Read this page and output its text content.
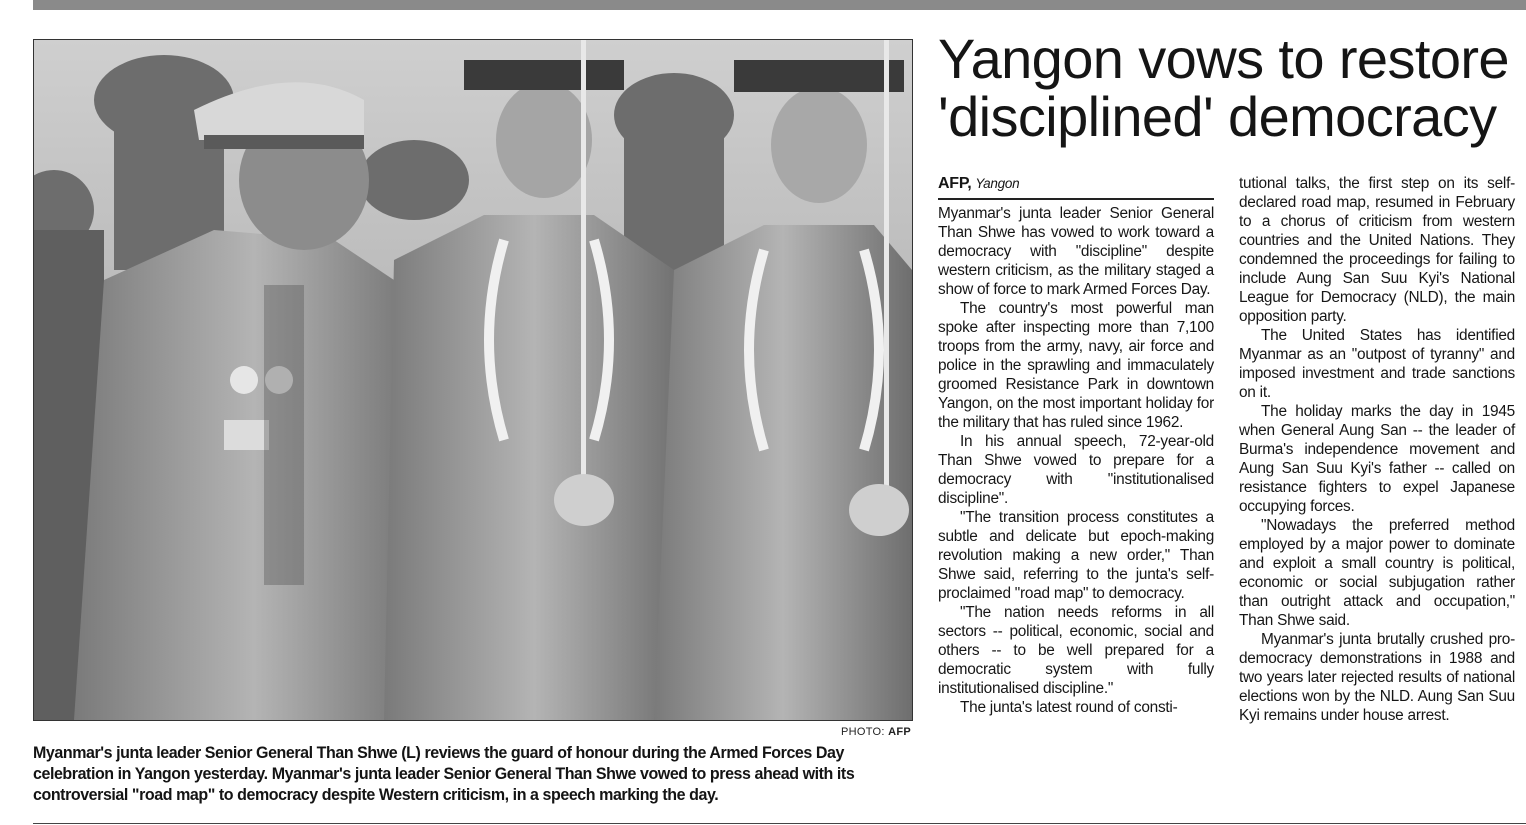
PHOTO: AFP
Myanmar's junta leader Senior General Than Shwe (L) reviews the guard of honour during the Armed Forces Day celebration in Yangon yesterday. Myanmar's junta leader Senior General Than Shwe vowed to press ahead with its controversial "road map" to democracy despite Western criticism, in a speech marking the day.
Yangon vows to restore
'disciplined' democracy
AFP, Yangon

Myanmar's junta leader Senior General Than Shwe has vowed to work toward a democracy with "discipline" despite western criticism, as the military staged a show of force to mark Armed Forces Day.

The country's most powerful man spoke after inspecting more than 7,100 troops from the army, navy, air force and police in the sprawling and immaculately groomed Resistance Park in downtown Yangon, on the most important holiday for the military that has ruled since 1962.

In his annual speech, 72-year-old Than Shwe vowed to prepare for a democracy with "institutionalised discipline".

"The transition process constitutes a subtle and delicate but epoch-making revolution making a new order," Than Shwe said, referring to the junta's self-proclaimed "road map" to democracy.

"The nation needs reforms in all sectors -- political, economic, social and others -- to be well prepared for a democratic system with fully institutionalised discipline."

The junta's latest round of consti-

tutional talks, the first step on its self-declared road map, resumed in February to a chorus of criticism from western countries and the United Nations. They condemned the proceedings for failing to include Aung San Suu Kyi's National League for Democracy (NLD), the main opposition party.

The United States has identified Myanmar as an "outpost of tyranny" and imposed investment and trade sanctions on it.

The holiday marks the day in 1945 when General Aung San -- the leader of Burma's independence movement and Aung San Suu Kyi's father -- called on resistance fighters to expel Japanese occupying forces.

"Nowadays the preferred method employed by a major power to dominate and exploit a small country is political, economic or social subjugation rather than outright attack and occupation," Than Shwe said.

Myanmar's junta brutally crushed pro-democracy demonstrations in 1988 and two years later rejected results of national elections won by the NLD. Aung San Suu Kyi remains under house arrest.
